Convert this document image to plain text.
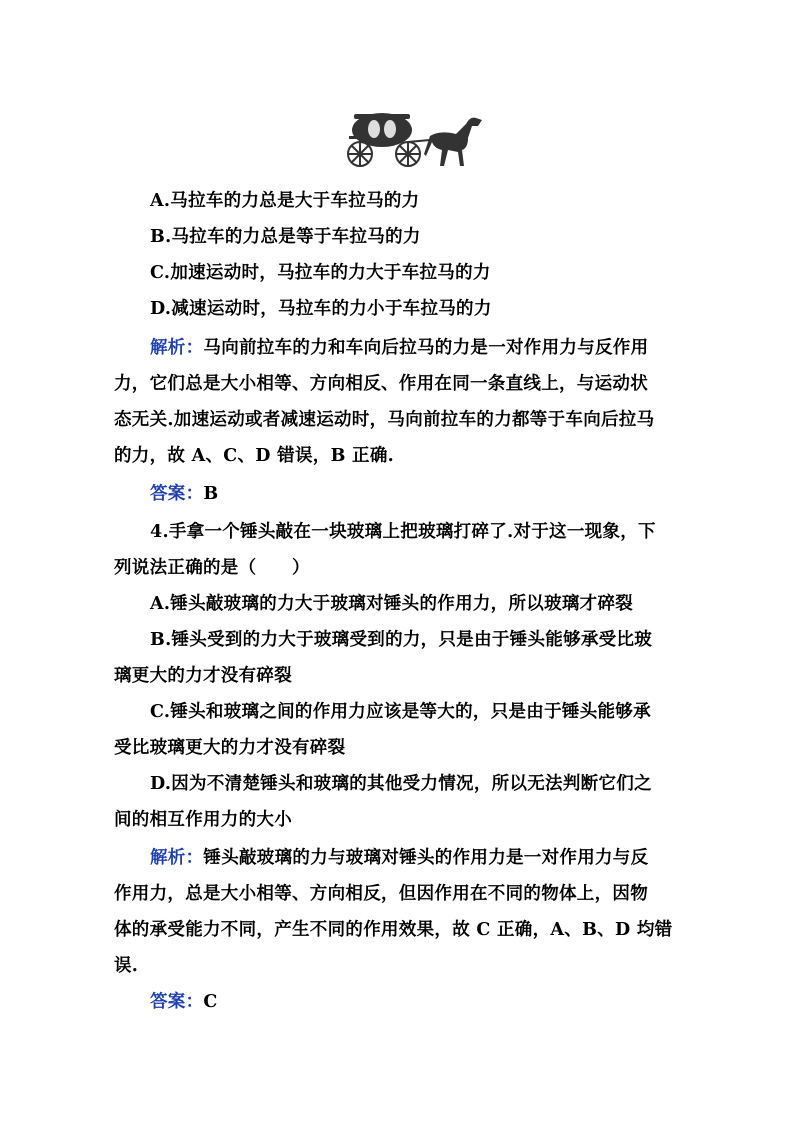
A.马拉车的力总是大于车拉马的力
B.马拉车的力总是等于车拉马的力
C.加速运动时，马拉车的力大于车拉马的力
D.减速运动时，马拉车的力小于车拉马的力
解析：马向前拉车的力和车向后拉马的力是一对作用力与反作用
力，它们总是大小相等、方向相反、作用在同一条直线上，与运动状
态无关.加速运动或者减速运动时，马向前拉车的力都等于车向后拉马
的力，故 A、C、D 错误，B 正确.
答案：B
4.手拿一个锤头敲在一块玻璃上把玻璃打碎了.对于这一现象，下
列说法正确的是（　　）
A.锤头敲玻璃的力大于玻璃对锤头的作用力，所以玻璃才碎裂
B.锤头受到的力大于玻璃受到的力，只是由于锤头能够承受比玻
璃更大的力才没有碎裂
C.锤头和玻璃之间的作用力应该是等大的，只是由于锤头能够承
受比玻璃更大的力才没有碎裂
D.因为不清楚锤头和玻璃的其他受力情况，所以无法判断它们之
间的相互作用力的大小
解析：锤头敲玻璃的力与玻璃对锤头的作用力是一对作用力与反
作用力，总是大小相等、方向相反，但因作用在不同的物体上，因物
体的承受能力不同，产生不同的作用效果，故 C 正确，A、B、D 均错
误.
答案：C
